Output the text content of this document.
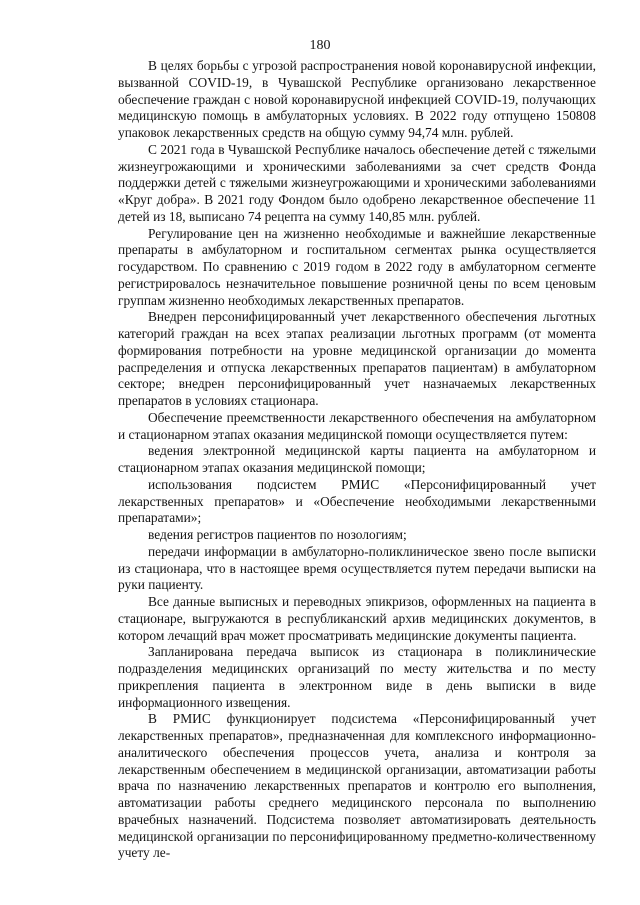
180

В целях борьбы с угрозой распространения новой коронавирусной инфекции, вызванной COVID-19, в Чувашской Республике организовано лекарственное обеспечение граждан с новой коронавирусной инфекцией COVID-19, получающих медицинскую помощь в амбулаторных условиях. В 2022 году отпущено 150808 упаковок лекарственных средств на общую сумму 94,74 млн. рублей.

С 2021 года в Чувашской Республике началось обеспечение детей с тяжелыми жизнеугрожающими и хроническими заболеваниями за счет средств Фонда поддержки детей с тяжелыми жизнеугрожающими и хроническими заболеваниями «Круг добра». В 2021 году Фондом было одобрено лекарственное обеспечение 11 детей из 18, выписано 74 рецепта на сумму 140,85 млн. рублей.

Регулирование цен на жизненно необходимые и важнейшие лекарственные препараты в амбулаторном и госпитальном сегментах рынка осуществляется государством. По сравнению с 2019 годом в 2022 году в амбулаторном сегменте регистрировалось незначительное повышение розничной цены по всем ценовым группам жизненно необходимых лекарственных препаратов.

Внедрен персонифицированный учет лекарственного обеспечения льготных категорий граждан на всех этапах реализации льготных программ (от момента формирования потребности на уровне медицинской организации до момента распределения и отпуска лекарственных препаратов пациентам) в амбулаторном секторе; внедрен персонифицированный учет назначаемых лекарственных препаратов в условиях стационара.

Обеспечение преемственности лекарственного обеспечения на амбулаторном и стационарном этапах оказания медицинской помощи осуществляется путем:

ведения электронной медицинской карты пациента на амбулаторном и стационарном этапах оказания медицинской помощи;

использования подсистем РМИС «Персонифицированный учет лекарственных препаратов» и «Обеспечение необходимыми лекарственными препаратами»;

ведения регистров пациентов по нозологиям;

передачи информации в амбулаторно-поликлиническое звено после выписки из стационара, что в настоящее время осуществляется путем передачи выписки на руки пациенту.

Все данные выписных и переводных эпикризов, оформленных на пациента в стационаре, выгружаются в республиканский архив медицинских документов, в котором лечащий врач может просматривать медицинские документы пациента.

Запланирована передача выписок из стационара в поликлинические подразделения медицинских организаций по месту жительства и по месту прикрепления пациента в электронном виде в день выписки в виде информационного извещения.

В РМИС функционирует подсистема «Персонифицированный учет лекарственных препаратов», предназначенная для комплексного информационно-аналитического обеспечения процессов учета, анализа и контроля за лекарственным обеспечением в медицинской организации, автоматизации работы врача по назначению лекарственных препаратов и контролю его выполнения, автоматизации работы среднего медицинского персонала по выполнению врачебных назначений. Подсистема позволяет автоматизировать деятельность медицинской организации по персонифицированному предметно-количественному учету ле-
